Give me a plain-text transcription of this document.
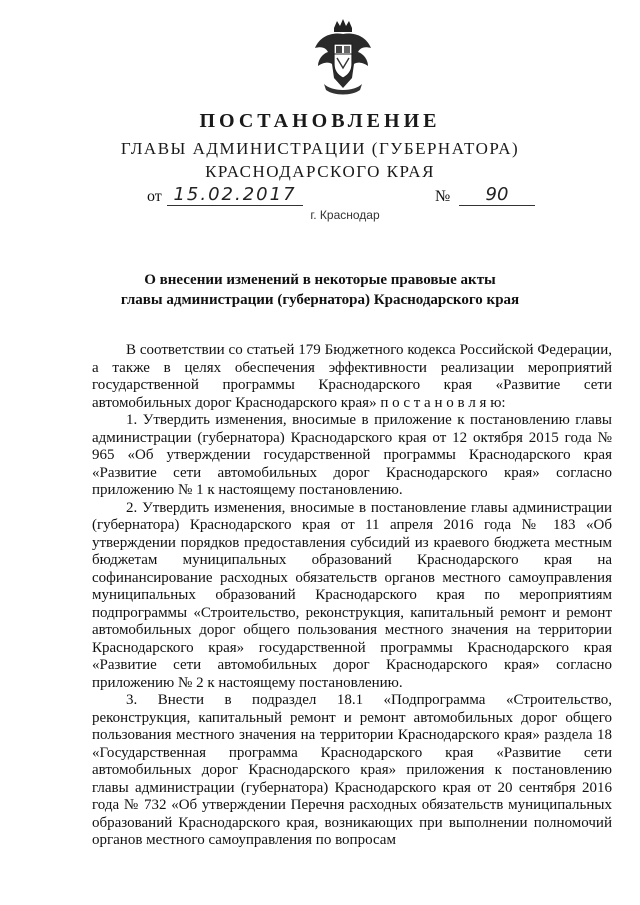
ПОСТАНОВЛЕНИЕ
ГЛАВЫ АДМИНИСТРАЦИИ (ГУБЕРНАТОРА)
КРАСНОДАРСКОГО КРАЯ
от 15.02.2017	№	90
г. Краснодар
О внесении изменений в некоторые правовые акты
главы администрации (губернатора) Краснодарского края

В соответствии со статьей 179 Бюджетного кодекса Российской Федерации, а также в целях обеспечения эффективности реализации мероприятий государственной программы Краснодарского края «Развитие сети автомобильных дорог Краснодарского края» п о с т а н о в л я ю:

1. Утвердить изменения, вносимые в приложение к постановлению главы администрации (губернатора) Краснодарского края от 12 октября 2015 года № 965 «Об утверждении государственной программы Краснодарского края «Развитие сети автомобильных дорог Краснодарского края» согласно приложению № 1 к настоящему постановлению.

2. Утвердить изменения, вносимые в постановление главы администрации (губернатора) Краснодарского края от 11 апреля 2016 года № 183 «Об утверждении порядков предоставления субсидий из краевого бюджета местным бюджетам муниципальных образований Краснодарского края на софинансирование расходных обязательств органов местного самоуправления муниципальных образований Краснодарского края по мероприятиям подпрограммы «Строительство, реконструкция, капитальный ремонт и ремонт автомобильных дорог общего пользования местного значения на территории Краснодарского края» государственной программы Краснодарского края «Развитие сети автомобильных дорог Краснодарского края» согласно приложению № 2 к настоящему постановлению.

3. Внести в подраздел 18.1 «Подпрограмма «Строительство, реконструкция, капитальный ремонт и ремонт автомобильных дорог общего пользования местного значения на территории Краснодарского края» раздела 18 «Государственная программа Краснодарского края «Развитие сети автомобильных дорог Краснодарского края» приложения к постановлению главы администрации (губернатора) Краснодарского края от 20 сентября 2016 года № 732 «Об утверждении Перечня расходных обязательств муниципальных образований Краснодарского края, возникающих при выполнении полномочий органов местного самоуправления по вопросам
